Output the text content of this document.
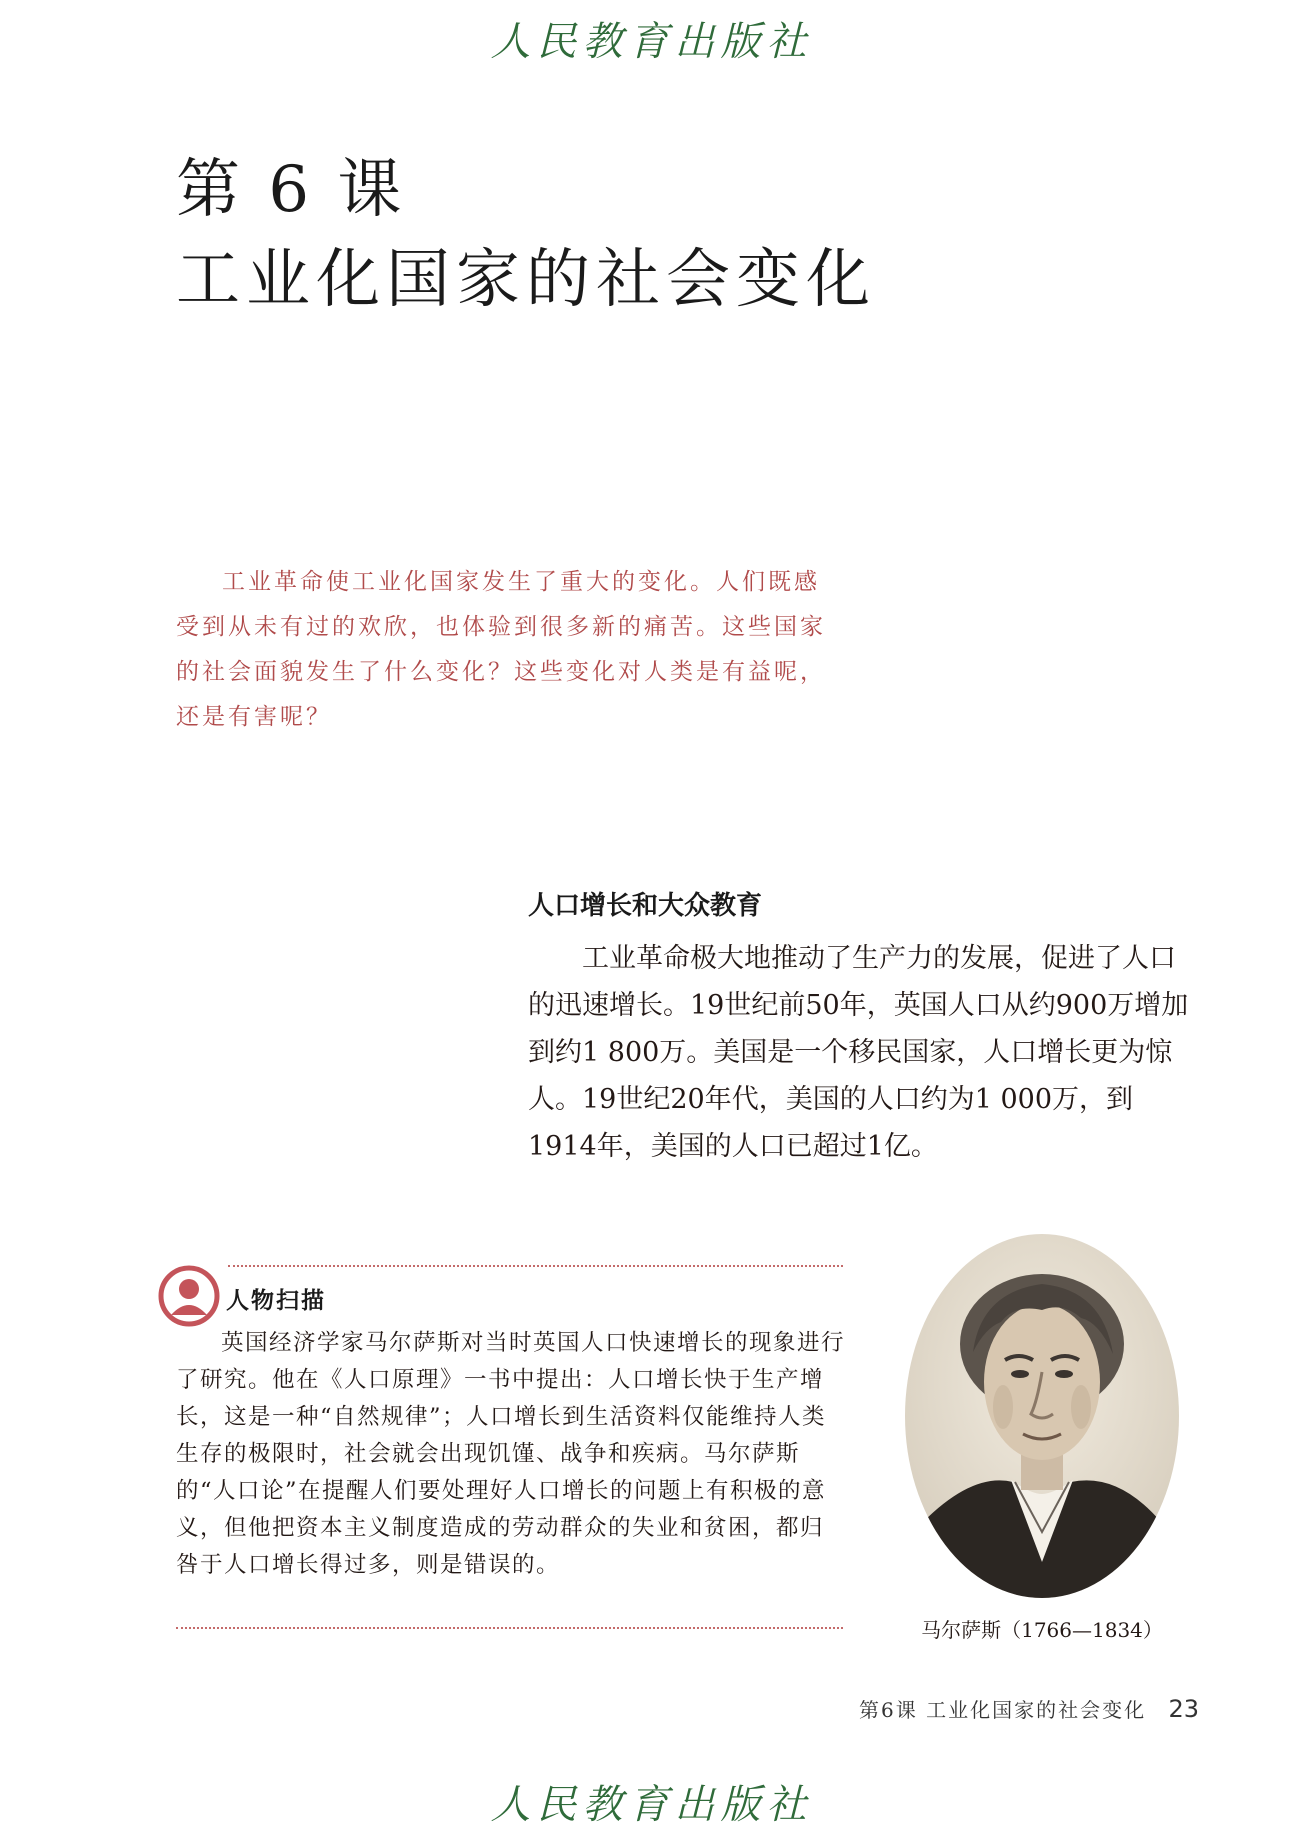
人民教育出版社
第 6 课
工业化国家的社会变化

工业革命使工业化国家发生了重大的变化。人们既感受到从未有过的欢欣，也体验到很多新的痛苦。这些国家的社会面貌发生了什么变化？这些变化对人类是有益呢，还是有害呢？

人口增长和大众教育

工业革命极大地推动了生产力的发展，促进了人口的迅速增长。19世纪前50年，英国人口从约900万增加到约1 800万。美国是一个移民国家，人口增长更为惊人。19世纪20年代，美国的人口约为1 000万，到1914年，美国的人口已超过1亿。

人物扫描

英国经济学家马尔萨斯对当时英国人口快速增长的现象进行了研究。他在《人口原理》一书中提出：人口增长快于生产增长，这是一种“自然规律”；人口增长到生活资料仅能维持人类生存的极限时，社会就会出现饥馑、战争和疾病。马尔萨斯的“人口论”在提醒人们要处理好人口增长的问题上有积极的意义，但他把资本主义制度造成的劳动群众的失业和贫困，都归咎于人口增长得过多，则是错误的。

马尔萨斯（1766—1834）

第6课 工业化国家的社会变化 23
人民教育出版社
